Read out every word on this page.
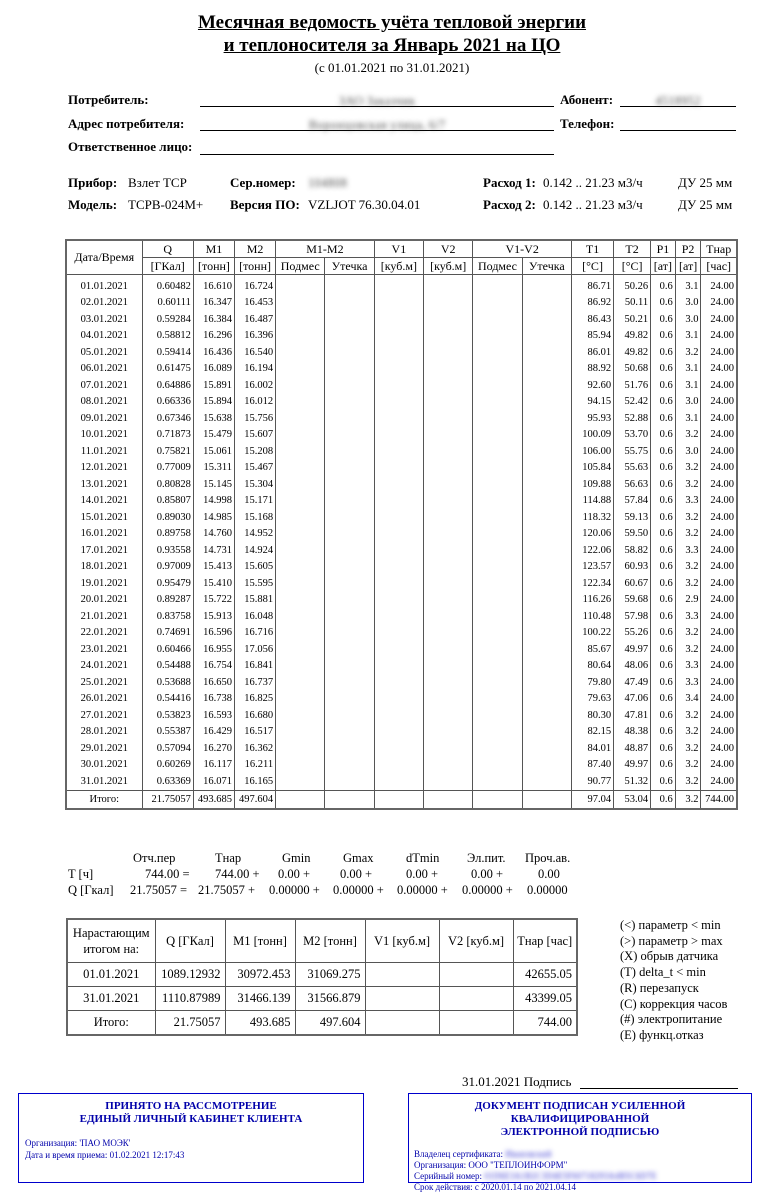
Месячная ведомость учёта тепловой энергии
и теплоносителя за Январь 2021 на ЦО
(с 01.01.2021 по 31.01.2021)
Потребитель:	ЗАО Заказчик	Абонент:	4518952
Адрес потребителя:	Воронцовская улица, 6/7	Телефон:
Ответственное лицо:
Прибор: Взлет ТСР	Сер.номер: 104808	Расход 1: 0.142 .. 21.23 м3/ч	ДУ 25 мм
Модель: ТСРВ-024М+ Версия ПО: VZLJOT 76.30.04.01	Расход 2: 0.142 .. 21.23 м3/ч	ДУ 25 мм
Дата/Время	Q	M1	M2	M1-M2		V1	V2	V1-V2		T1	T2	P1	P2	Тнар
	[ГКал]	[тонн]	[тонн]	Подмес	Утечка	[куб.м]	[куб.м]	Подмес	Утечка	[°C]	[°C]	[ат]	[ат]	[час]
01.01.2021	0.60482	16.610	16.724							86.71	50.26	0.6	3.1	24.00
02.01.2021	0.60111	16.347	16.453							86.92	50.11	0.6	3.0	24.00
03.01.2021	0.59284	16.384	16.487							86.43	50.21	0.6	3.0	24.00
04.01.2021	0.58812	16.296	16.396							85.94	49.82	0.6	3.1	24.00
05.01.2021	0.59414	16.436	16.540							86.01	49.82	0.6	3.2	24.00
06.01.2021	0.61475	16.089	16.194							88.92	50.68	0.6	3.1	24.00
07.01.2021	0.64886	15.891	16.002							92.60	51.76	0.6	3.1	24.00
08.01.2021	0.66336	15.894	16.012							94.15	52.42	0.6	3.0	24.00
09.01.2021	0.67346	15.638	15.756							95.93	52.88	0.6	3.1	24.00
10.01.2021	0.71873	15.479	15.607							100.09	53.70	0.6	3.2	24.00
11.01.2021	0.75821	15.061	15.208							106.00	55.75	0.6	3.0	24.00
12.01.2021	0.77009	15.311	15.467							105.84	55.63	0.6	3.2	24.00
13.01.2021	0.80828	15.145	15.304							109.88	56.63	0.6	3.2	24.00
14.01.2021	0.85807	14.998	15.171							114.88	57.84	0.6	3.3	24.00
15.01.2021	0.89030	14.985	15.168							118.32	59.13	0.6	3.2	24.00
16.01.2021	0.89758	14.760	14.952							120.06	59.50	0.6	3.2	24.00
17.01.2021	0.93558	14.731	14.924							122.06	58.82	0.6	3.3	24.00
18.01.2021	0.97009	15.413	15.605							123.57	60.93	0.6	3.2	24.00
19.01.2021	0.95479	15.410	15.595							122.34	60.67	0.6	3.2	24.00
20.01.2021	0.89287	15.722	15.881							116.26	59.68	0.6	2.9	24.00
21.01.2021	0.83758	15.913	16.048							110.48	57.98	0.6	3.3	24.00
22.01.2021	0.74691	16.596	16.716							100.22	55.26	0.6	3.2	24.00
23.01.2021	0.60466	16.955	17.056							85.67	49.97	0.6	3.2	24.00
24.01.2021	0.54488	16.754	16.841							80.64	48.06	0.6	3.3	24.00
25.01.2021	0.53688	16.650	16.737							79.80	47.49	0.6	3.3	24.00
26.01.2021	0.54416	16.738	16.825							79.63	47.06	0.6	3.4	24.00
27.01.2021	0.53823	16.593	16.680							80.30	47.81	0.6	3.2	24.00
28.01.2021	0.55387	16.429	16.517							82.15	48.38	0.6	3.2	24.00
29.01.2021	0.57094	16.270	16.362							84.01	48.87	0.6	3.2	24.00
30.01.2021	0.60269	16.117	16.211							87.40	49.97	0.6	3.2	24.00
31.01.2021	0.63369	16.071	16.165							90.77	51.32	0.6	3.2	24.00
Итого:	21.75057	493.685	497.604							97.04	53.04	0.6	3.2	744.00
Отч.пер	Тнар	Gmin	Gmax	dTmin Эл.пит. Проч.ав.
T [ч]	744.00 = 744.00 + 0.00 + 0.00 +	0.00 +	0.00 +	0.00
Q [Гкал] 21.75057 = 21.75057 + 0.00000 + 0.00000 + 0.00000 + 0.00000 + 0.00000
Нарастающим итогом на:	Q [ГКал]	M1 [тонн]	M2 [тонн]	V1 [куб.м]	V2 [куб.м]	Тнар [час]
01.01.2021	1089.12932	30972.453	31069.275			42655.05
31.01.2021	1110.87989	31466.139	31566.879			43399.05
Итого:	21.75057	493.685	497.604			744.00
(<) параметр < min
(>) параметр > max
(X) обрыв датчика
(T) delta_t < min
(R) перезапуск
(C) коррекция часов
(#) электропитание
(E) функц.отказ
31.01.2021 Подпись
ПРИНЯТО НА РАССМОТРЕНИЕ
ЕДИНЫЙ ЛИЧНЫЙ КАБИНЕТ КЛИЕНТА
Организация: 'ПАО МОЭК'
Дата и время приема: 01.02.2021 12:17:43
ДОКУМЕНТ ПОДПИСАН УСИЛЕННОЙ КВАЛИФИЦИРОВАННОЙ
ЭЛЕКТРОННОЙ ПОДПИСЬЮ
Владелец сертификата: Ивановский
Организация: ООО "ТЕПЛОИНФОРМ"
Серийный номер: 01D6E3A1B2C3D4E5F60718293A4B5C6D7E
Срок действия: с 2020.01.14 по 2021.04.14
